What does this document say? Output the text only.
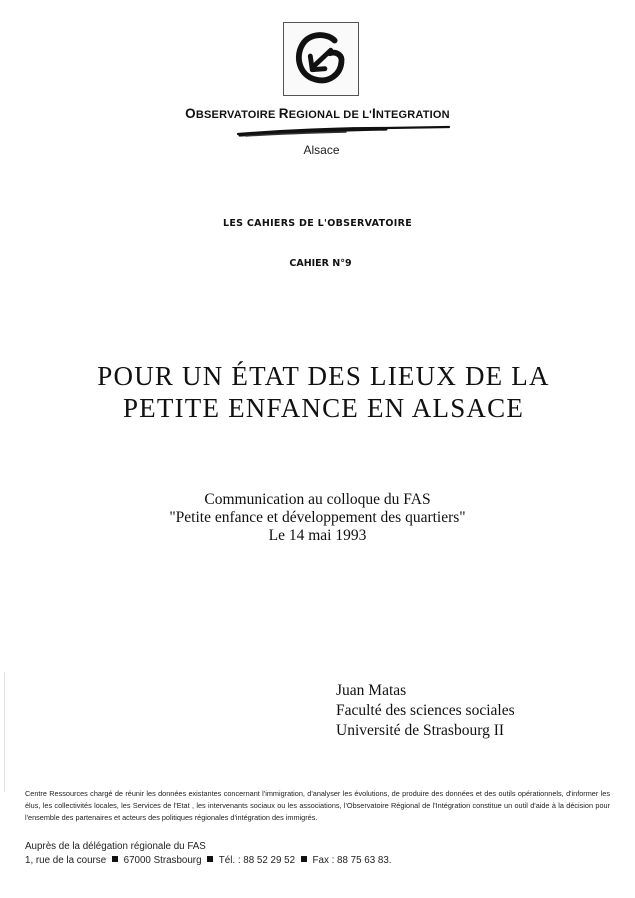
OBSERVATOIRE REGIONAL DE L'INTEGRATION
Alsace
LES CAHIERS DE L'OBSERVATOIRE
CAHIER N°9
POUR UN ÉTAT DES LIEUX DE LA
PETITE ENFANCE EN ALSACE
Communication au colloque du FAS
"Petite enfance et développement des quartiers"
Le 14 mai 1993
Juan Matas
Faculté des sciences sociales
Université de Strasbourg II
Centre Ressources chargé de réunir les données existantes concernant l'immigration, d'analyser les évolutions, de produire des données et des outils opérationnels, d'informer les élus, les collectivités locales, les Services de l'Etat , les intervenants sociaux ou les associations, l'Observatoire Régional de l'Intégration constitue un outil d'aide à la décision pour l'ensemble des partenaires et acteurs des politiques régionales d'intégration des immigrés.
Auprès de la délégation régionale du FAS
1, rue de la course 67000 Strasbourg Tél. : 88 52 29 52 Fax : 88 75 63 83.
